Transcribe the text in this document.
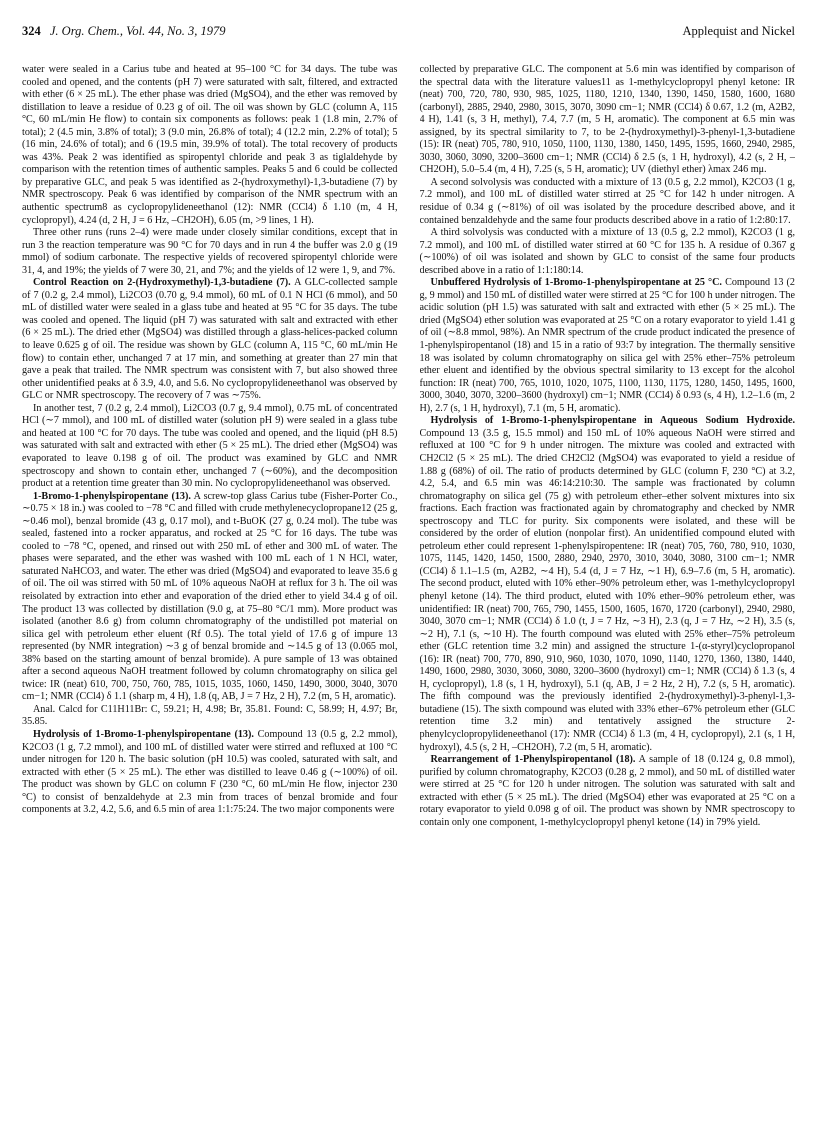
324 J. Org. Chem., Vol. 44, No. 3, 1979	Applequist and Nickel

water were sealed in a Carius tube and heated at 95–100 °C for 34 days. The tube was cooled and opened, and the contents (pH 7) were saturated with salt, filtered, and extracted with ether (6 × 25 mL). The ether phase was dried (MgSO4), and the ether was removed by distillation to leave a residue of 0.23 g of oil. The oil was shown by GLC (column A, 115 °C, 60 mL/min He flow) to contain six components as follows: peak 1 (1.8 min, 2.7% of total); 2 (4.5 min, 3.8% of total); 3 (9.0 min, 26.8% of total); 4 (12.2 min, 2.2% of total); 5 (16 min, 24.6% of total); and 6 (19.5 min, 39.9% of total). The total recovery of products was 43%. Peak 2 was identified as spiropentyl chloride and peak 3 as tiglaldehyde by comparison with the retention times of authentic samples. Peaks 5 and 6 could be collected by preparative GLC, and peak 5 was identified as 2-(hydroxymethyl)-1,3-butadiene (7) by NMR spectroscopy. Peak 6 was identified by comparison of the NMR spectrum with an authentic spectrum8 as cyclopropylideneethanol (12): NMR (CCl4) δ 1.10 (m, 4 H, cyclopropyl), 4.24 (d, 2 H, J = 6 Hz, –CH2OH), 6.05 (m, >9 lines, 1 H).

Three other runs (runs 2–4) were made under closely similar conditions, except that in run 3 the reaction temperature was 90 °C for 70 days and in run 4 the buffer was 2.0 g (19 mmol) of sodium carbonate. The respective yields of recovered spiropentyl chloride were 31, 4, and 19%; the yields of 7 were 30, 21, and 7%; and the yields of 12 were 1, 9, and 7%.

Control Reaction on 2-(Hydroxymethyl)-1,3-butadiene (7). A GLC-collected sample of 7 (0.2 g, 2.4 mmol), Li2CO3 (0.70 g, 9.4 mmol), 60 mL of 0.1 N HCl (6 mmol), and 50 mL of distilled water were sealed in a glass tube and heated at 95 °C for 35 days. The tube was cooled and opened. The liquid (pH 7) was saturated with salt and extracted with ether (6 × 25 mL). The dried ether (MgSO4) was distilled through a glass-helices-packed column to leave 0.625 g of oil. The residue was shown by GLC (column A, 115 °C, 60 mL/min He flow) to contain ether, unchanged 7 at 17 min, and something at greater than 27 min that gave a peak that trailed. The NMR spectrum was consistent with 7, but also showed three other unidentified peaks at δ 3.9, 4.0, and 5.6. No cyclopropylideneethanol was observed by GLC or NMR spectroscopy. The recovery of 7 was ∼75%.

In another test, 7 (0.2 g, 2.4 mmol), Li2CO3 (0.7 g, 9.4 mmol), 0.75 mL of concentrated HCl (∼7 mmol), and 100 mL of distilled water (solution pH 9) were sealed in a glass tube and heated at 100 °C for 70 days. The tube was cooled and opened, and the liquid (pH 8.5) was saturated with salt and extracted with ether (5 × 25 mL). The dried ether (MgSO4) was evaporated to leave 0.198 g of oil. The product was examined by GLC and NMR spectroscopy and shown to contain ether, unchanged 7 (∼60%), and the decomposition product at a retention time greater than 30 min. No cyclopropylideneethanol was observed.

1-Bromo-1-phenylspiropentane (13). A screw-top glass Carius tube (Fisher-Porter Co., ∼0.75 × 18 in.) was cooled to −78 °C and filled with crude methylenecyclopropane12 (25 g, ∼0.46 mol), benzal bromide (43 g, 0.17 mol), and t-BuOK (27 g, 0.24 mol). The tube was sealed, fastened into a rocker apparatus, and rocked at 25 °C for 16 days. The tube was cooled to −78 °C, opened, and rinsed out with 250 mL of ether and 300 mL of water. The phases were separated, and the ether was washed with 100 mL each of 1 N HCl, water, saturated NaHCO3, and water. The ether was dried (MgSO4) and evaporated to leave 35.6 g of oil. The oil was stirred with 50 mL of 10% aqueous NaOH at reflux for 3 h. The oil was reisolated by extraction into ether and evaporation of the dried ether to yield 34.4 g of oil. The product 13 was collected by distillation (9.0 g, at 75–80 °C/1 mm). More product was isolated (another 8.6 g) from column chromatography of the undistilled pot material on silica gel with petroleum ether eluent (Rf 0.5). The total yield of 17.6 g of impure 13 represented (by NMR integration) ∼3 g of benzal bromide and ∼14.5 g of 13 (0.065 mol, 38% based on the starting amount of benzal bromide). A pure sample of 13 was obtained after a second aqueous NaOH treatment followed by column chromatography on silica gel twice: IR (neat) 610, 700, 750, 760, 785, 1015, 1035, 1060, 1450, 1490, 3000, 3040, 3070 cm−1; NMR (CCl4) δ 1.1 (sharp m, 4 H), 1.8 (q, AB, J = 7 Hz, 2 H), 7.2 (m, 5 H, aromatic).

Anal. Calcd for C11H11Br: C, 59.21; H, 4.98; Br, 35.81. Found: C, 58.99; H, 4.97; Br, 35.85.

Hydrolysis of 1-Bromo-1-phenylspiropentane (13). Compound 13 (0.5 g, 2.2 mmol), K2CO3 (1 g, 7.2 mmol), and 100 mL of distilled water were stirred and refluxed at 100 °C under nitrogen for 120 h. The basic solution (pH 10.5) was cooled, saturated with salt, and extracted with ether (5 × 25 mL). The ether was distilled to leave 0.46 g (∼100%) of oil. The product was shown by GLC on column F (230 °C, 60 mL/min He flow, injector 230 °C) to consist of benzaldehyde at 2.3 min from traces of benzal bromide and four components at 3.2, 4.2, 5.6, and 6.5 min of area 1:1:75:24. The two major components were

collected by preparative GLC. The component at 5.6 min was identified by comparison of the spectral data with the literature values11 as 1-methylcyclopropyl phenyl ketone: IR (neat) 700, 720, 780, 930, 985, 1025, 1180, 1210, 1340, 1390, 1450, 1580, 1600, 1680 (carbonyl), 2885, 2940, 2980, 3015, 3070, 3090 cm−1; NMR (CCl4) δ 0.67, 1.2 (m, A2B2, 4 H), 1.41 (s, 3 H, methyl), 7.4, 7.7 (m, 5 H, aromatic). The component at 6.5 min was assigned, by its spectral similarity to 7, to be 2-(hydroxymethyl)-3-phenyl-1,3-butadiene (15): IR (neat) 705, 780, 910, 1050, 1100, 1130, 1380, 1450, 1495, 1595, 1660, 2940, 2985, 3030, 3060, 3090, 3200–3600 cm−1; NMR (CCl4) δ 2.5 (s, 1 H, hydroxyl), 4.2 (s, 2 H, –CH2OH), 5.0–5.4 (m, 4 H), 7.25 (s, 5 H, aromatic); UV (diethyl ether) λmax 246 mμ.

A second solvolysis was conducted with a mixture of 13 (0.5 g, 2.2 mmol), K2CO3 (1 g, 7.2 mmol), and 100 mL of distilled water stirred at 25 °C for 142 h under nitrogen. A residue of 0.34 g (∼81%) of oil was isolated by the procedure described above, and it contained benzaldehyde and the same four products described above in a ratio of 1:2:80:17.

A third solvolysis was conducted with a mixture of 13 (0.5 g, 2.2 mmol), K2CO3 (1 g, 7.2 mmol), and 100 mL of distilled water stirred at 60 °C for 135 h. A residue of 0.367 g (∼100%) of oil was isolated and shown by GLC to consist of the same four products described above in a ratio of 1:1:180:14.

Unbuffered Hydrolysis of 1-Bromo-1-phenylspiropentane at 25 °C. Compound 13 (2 g, 9 mmol) and 150 mL of distilled water were stirred at 25 °C for 100 h under nitrogen. The acidic solution (pH 1.5) was saturated with salt and extracted with ether (5 × 25 mL). The dried (MgSO4) ether solution was evaporated at 25 °C on a rotary evaporator to yield 1.41 g of oil (∼8.8 mmol, 98%). An NMR spectrum of the crude product indicated the presence of 1-phenylspiropentanol (18) and 15 in a ratio of 93:7 by integration. The thermally sensitive 18 was isolated by column chromatography on silica gel with 25% ether–75% petroleum ether eluent and identified by the obvious spectral similarity to 13 except for the alcohol function: IR (neat) 700, 765, 1010, 1020, 1075, 1100, 1130, 1175, 1280, 1450, 1495, 1600, 3000, 3040, 3070, 3200–3600 (hydroxyl) cm−1; NMR (CCl4) δ 0.93 (s, 4 H), 1.2–1.6 (m, 2 H), 2.7 (s, 1 H, hydroxyl), 7.1 (m, 5 H, aromatic).

Hydrolysis of 1-Bromo-1-phenylspiropentane in Aqueous Sodium Hydroxide. Compound 13 (3.5 g, 15.5 mmol) and 150 mL of 10% aqueous NaOH were stirred and refluxed at 100 °C for 9 h under nitrogen. The mixture was cooled and extracted with CH2Cl2 (5 × 25 mL). The dried CH2Cl2 (MgSO4) was evaporated to yield a residue of 1.88 g (68%) of oil. The ratio of products determined by GLC (column F, 230 °C) at 3.2, 4.2, 5.4, and 6.5 min was 46:14:210:30. The sample was fractionated by column chromatography on silica gel (75 g) with petroleum ether–ether solvent mixtures into six fractions. Each fraction was fractionated again by chromatography and checked by NMR spectroscopy and TLC for purity. Six components were isolated, and these will be considered by the order of elution (nonpolar first). An unidentified compound eluted with petroleum ether could represent 1-phenylspiropentene: IR (neat) 705, 760, 780, 910, 1030, 1075, 1145, 1420, 1450, 1500, 2880, 2940, 2970, 3010, 3040, 3080, 3100 cm−1; NMR (CCl4) δ 1.1–1.5 (m, A2B2, ∼4 H), 5.4 (d, J = 7 Hz, ∼1 H), 6.9–7.6 (m, 5 H, aromatic). The second product, eluted with 10% ether–90% petroleum ether, was 1-methylcyclopropyl phenyl ketone (14). The third product, eluted with 10% ether–90% petroleum ether, was unidentified: IR (neat) 700, 765, 790, 1455, 1500, 1605, 1670, 1720 (carbonyl), 2940, 2980, 3040, 3070 cm−1; NMR (CCl4) δ 1.0 (t, J = 7 Hz, ∼3 H), 2.3 (q, J = 7 Hz, ∼2 H), 3.5 (s, ∼2 H), 7.1 (s, ∼10 H). The fourth compound was eluted with 25% ether–75% petroleum ether (GLC retention time 3.2 min) and assigned the structure 1-(α-styryl)cyclopropanol (16): IR (neat) 700, 770, 890, 910, 960, 1030, 1070, 1090, 1140, 1270, 1360, 1380, 1440, 1490, 1600, 2980, 3030, 3060, 3080, 3200–3600 (hydroxyl) cm−1; NMR (CCl4) δ 1.3 (s, 4 H, cyclopropyl), 1.8 (s, 1 H, hydroxyl), 5.1 (q, AB, J = 2 Hz, 2 H), 7.2 (s, 5 H, aromatic). The fifth compound was the previously identified 2-(hydroxymethyl)-3-phenyl-1,3-butadiene (15). The sixth compound was eluted with 33% ether–67% petroleum ether (GLC retention time 3.2 min) and tentatively assigned the structure 2-phenylcyclopropylideneethanol (17): NMR (CCl4) δ 1.3 (m, 4 H, cyclopropyl), 2.1 (s, 1 H, hydroxyl), 4.5 (s, 2 H, –CH2OH), 7.2 (m, 5 H, aromatic).

Rearrangement of 1-Phenylspiropentanol (18). A sample of 18 (0.124 g, 0.8 mmol), purified by column chromatography, K2CO3 (0.28 g, 2 mmol), and 50 mL of distilled water were stirred at 25 °C for 120 h under nitrogen. The solution was saturated with salt and extracted with ether (5 × 25 mL). The dried (MgSO4) ether was evaporated at 25 °C on a rotary evaporator to yield 0.098 g of oil. The product was shown by NMR spectroscopy to contain only one component, 1-methylcyclopropyl phenyl ketone (14) in 79% yield.
